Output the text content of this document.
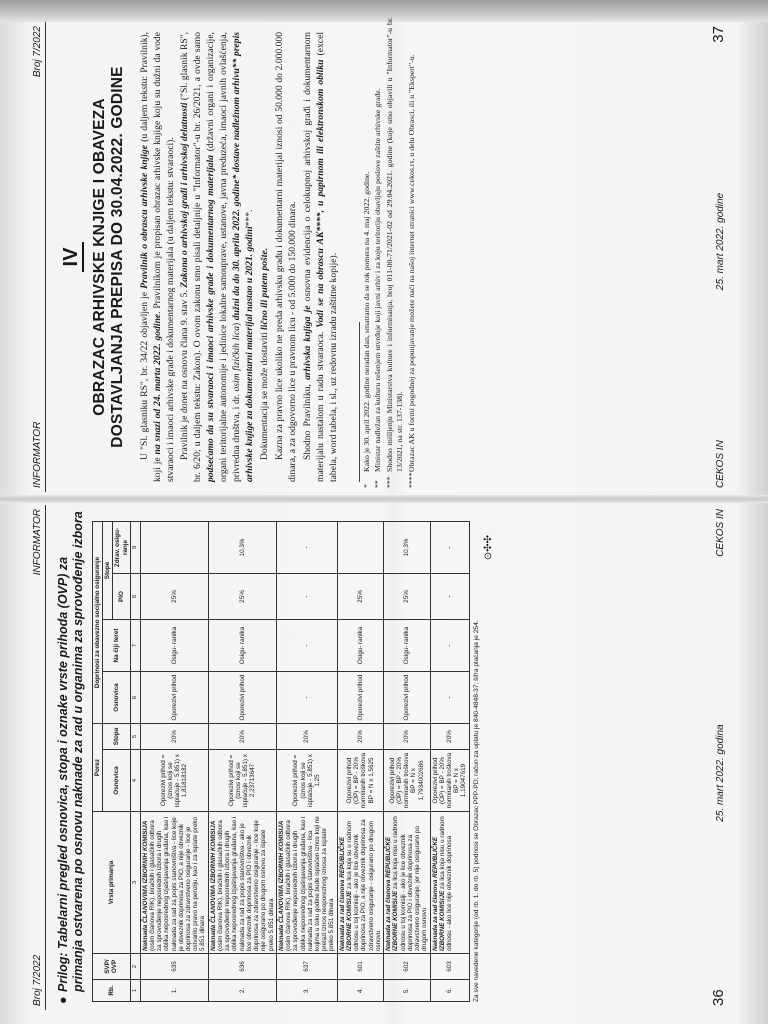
INFORMATOR
Broj 7/2022
IV OBRAZAC ARHIVSKE KNJIGE I OBAVEZA DOSTAVLJANJA PREPISA DO 30.04.2022. GODINE U "Sl. glasniku RS", br. 34/22 objavljen je Pravilnik o obrascu arhivske knjige (u daljem tekstu: Pravilnik), koji je na snazi od 24. marta 2022. godine. Pravilnikom je propisan obrazac arhivske knjige koju su dužni da vode stvaraoci i imaoci arhivske građe i dokumentarnog materijala (u daljem tekstu: stvaraoci). Pravilnik je donet na osnovu člana 9. stav 5. Zakona o arhivskoj građi i arhivskoj delatnosti ("Sl. glasnik RS", br. 6/20; u daljem tekstu: Zakon). O ovom zakonu smo pisali detaljnije u "Informator"-u br. 26/2021, a ovde samo podsećamo da su stvaraoci i imaoci arhivske građe i dokumentarnog materijala (državni organi i organizacije, organi teritorijalne autonomije i jedinice lokalne samouprave, ustanove, javna preduzeća, imaoci javnih ovlašćenja, privredna društva, i dr. osim fizičkih lica) dužni da do 30. aprila 2022. godine* dostave nadležnom arhivu** prepis arhivske knjige za dokumentarni materijal nastao u 2021. godini***.

Dokumentacija se može dostaviti lično ili putem pošte. Kazna za pravno lice ukoliko ne preda arhivsku građu i dokumentarni materijal iznosi od 50.000 do 2.000.000 dinara, a za odgovorno lice u pravnom licu - od 5.000 do 150.000 dinara. Shodno Pravilniku, arhivska knjiga je osnovna evidencija o celokupnoj arhivskoj građi i dokumentarnom materijalu nastalom u radu stvaraoca. Vodi se na obrascu AK****, u papirnom ili elektronskom obliku (excel tabela, word tabela, i sl., uz redovnu izradu zaštitne kopije).

*Kako je 30. april 2022. godine neradan dan, smatramo da se rok pomera na 4. maj 2022. godine.
**Ministar nadležan za kulturu rešenjem utvrđuje koji javni arhiv i za koju teritoriju obavljaju poslove zaštite arhivske građe.
***Shodno mišljenju Ministarstva kulture i informisanja, broj 011-00-71/2021-02 od 29.04.2021. godine (koje smo objavili u "Informator"-u br. 13/2021, na str. 137-138).
****Obrazac AK u formi pogodnoj za popunjavanje možete naći na našoj internet stranici www.cekos.rs, u delu Obrasci, ili u "Ekspert"-u.	CEKOS IN
25. mart 2022. godine
37
Broj 7/2022
INFORMATOR
●Prilog: Tabelarni pregled osnovica, stopa i oznake vrste prihoda (OVP) za primanja ostvarena po osnovu naknade za rad u organima za sprovođenje izbora	Rb.	SVP/ OVP	Vrsta primanja	Porez		Doprinosi za obavezno socijalno osiguranje			
			Osnovica	Stopa	Osnovica	Na čiji teret	Stope	
							PIO	Zdrav. osigu- ranje
1	2	3	4	5	6	7	8	9
1.	635	Naknada ČLANOVIMA IZBORNIH KOMISIJA (osim članova RIK), biračkih i glasačkih odbora za sprovođenje neposrednih izbora i drugih oblika neposrednog izjašnjavanja građana, kao i naknada za rad za popis stanovništva - lice koje je obveznik doprinosa za PIO, a nije obveznik doprinosa za zdravstveno osiguranje - lice je ostvarilo pravo na penziju, kao i za isplate preko 5.851 dinara	Oporezivi prihod = (iznos koji se isplaćuje - 5.851) x 1,81818182	20%	Oporezivi prihod	Osigu- ranika	25%	
2.	636	Naknada ČLANOVIMA IZBORNIH KOMISIJA (osim članova RIK), biračkih i glasačkih odbora za sprovođenje neposrednih izbora i drugih oblika neposrednog izjašnjavanja građana, kao i naknada za rad za popis stanovništva - ako je lice obveznik doprinosa za PIO i obveznik doprinosa za zdravstveno osiguranje - lice koje nije osigurano po drugom osnovu za isplate preko 5.851 dinara	Oporezivi prihod = (iznos koji se isplaćuje - 5.851) x 2,23713647	20%	Oporezivi prihod	Osigu- ranika	25%	10,3%
3.	637	Naknada ČLANOVIMA IZBORNIH KOMISIJA (osim članova RIK), biračkih i glasačkih odbora za sprovođenje neposrednih izbora i drugih oblika neposrednog izjašnjavanja građana, kao i naknada za rad za popis stanovništva - lica kojima u toku godine bude isplaćen iznos koji ne prelazi iznos neoporezivog iznosa za isplate preko 5.851 dinara	Oporezivi prihod = (iznos koji se isplaćuje - 5.851) x 1,25	20%	-	-	-	-
4.	601	Naknada za rad članova REPUBLIČKE IZBORNE KOMISIJE za lica koja su u radnom odnosu u toj komisiji - ako je lice obveznik doprinosa za PIO, a nije obveznik doprinosa za zdravstveno osiguranje - osigurano po drugom osnovu	Oporezivi prihod (OP) = BP - 20% normiranih troškova BP = N x 1,5625	20%	Oporezivi prihod	Osigu- ranika	25%	
5.	602	Naknada za rad članova REPUBLIČKE IZBORNE KOMISIJE za lica koja nisu u radnom odnosu u toj komisiji - ako je lice obveznik doprinosa za PIO i obveznik doprinosa za zdravstveno osiguranje, jer nije osigurano po drugom osnovu	Oporezivi prihod (OP) = BP - 20% normiranih troškova BP = N x 1,7934002686	20%	Oporezivi prihod	Osigu- ranika	25%	10,3%
6.	603	Naknada za rad članova REPUBLIČKE IZBORNE KOMISIJE za lica koja nisu u radnom odnosu - ako lice nije obveznik doprinosa	Oporezivi prihod (OP) = BP - 20% normiranih troškova BP = N x 1,19047619	20%	-	-	-	-
Za sve navedene kategorije (od rb. 1. do rb. 5) podnosi se Obrazac PPP-PD; račun za uplatu je 840-4848-37; šifra plaćanja je 254.
⊙✣✣
36
25. mart 2022. godina
CEKOS IN
